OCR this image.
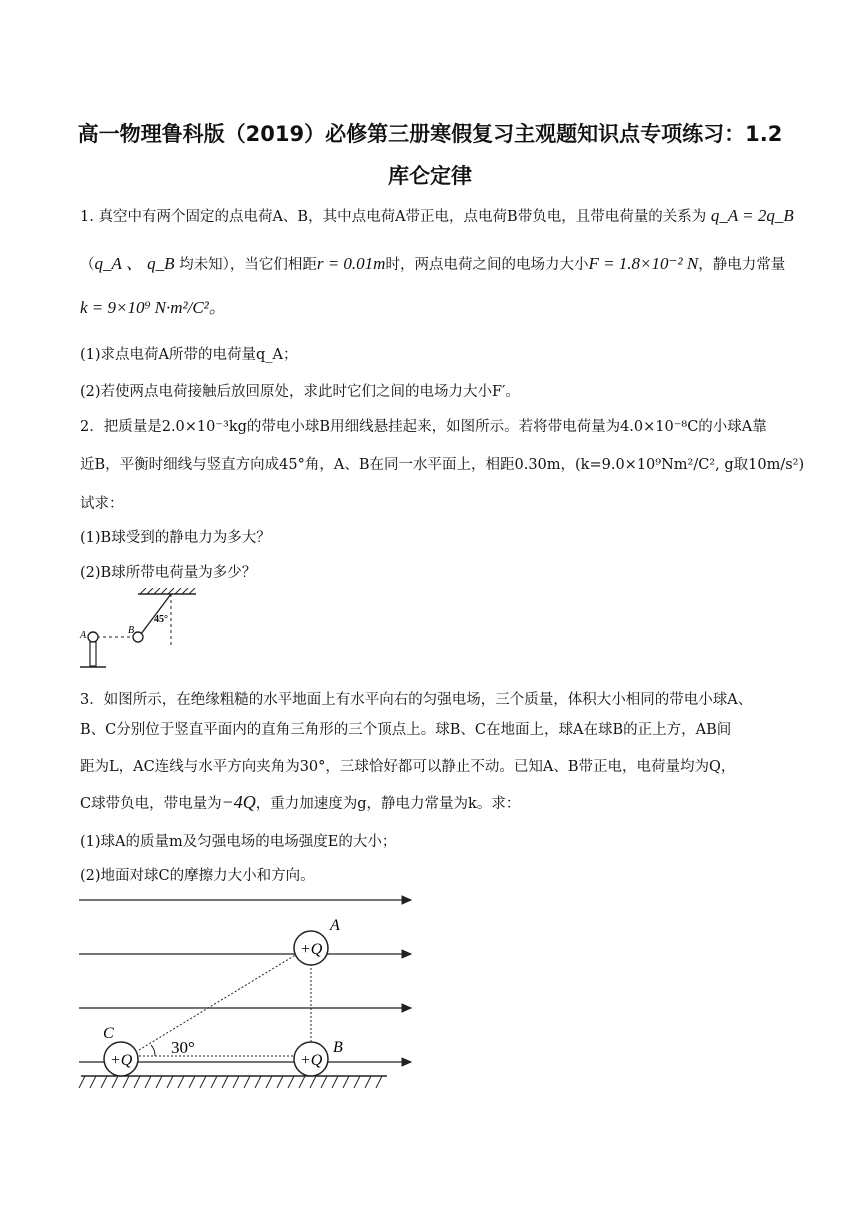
高一物理鲁科版（2019）必修第三册寒假复习主观题知识点专项练习：1.2
库仑定律
1. 真空中有两个固定的点电荷A、B，其中点电荷A带正电，点电荷B带负电，且带电荷量的关系为 q_A = 2q_B
（q_A 、 q_B 均未知），当它们相距r = 0.01m时，两点电荷之间的电场力大小F = 1.8×10⁻² N，静电力常量
k = 9×10⁹ N·m²/C²。
(1)求点电荷A所带的电荷量q_A；
(2)若使两点电荷接触后放回原处，求此时它们之间的电场力大小F′。
2．把质量是2.0×10⁻³kg的带电小球B用细线悬挂起来，如图所示。若将带电荷量为4.0×10⁻⁸C的小球A靠
近B，平衡时细线与竖直方向成45°角，A、B在同一水平面上，相距0.30m，(k=9.0×10⁹Nm²/C², g取10m/s²)
试求：
(1)B球受到的静电力为多大？
(2)B球所带电荷量为多少？
B
45°
A
3．如图所示，在绝缘粗糙的水平地面上有水平向右的匀强电场，三个质量，体积大小相同的带电小球A、
B、C分别位于竖直平面内的直角三角形的三个顶点上。球B、C在地面上，球A在球B的正上方，AB间
距为L，AC连线与水平方向夹角为30°，三球恰好都可以静止不动。已知A、B带正电，电荷量均为Q，
C球带负电，带电量为−4Q，重力加速度为g，静电力常量为k。求：
(1)球A的质量m及匀强电场的电场强度E的大小；
(2)地面对球C的摩擦力大小和方向。
30°
+Q
A
+Q
B
+Q
C
